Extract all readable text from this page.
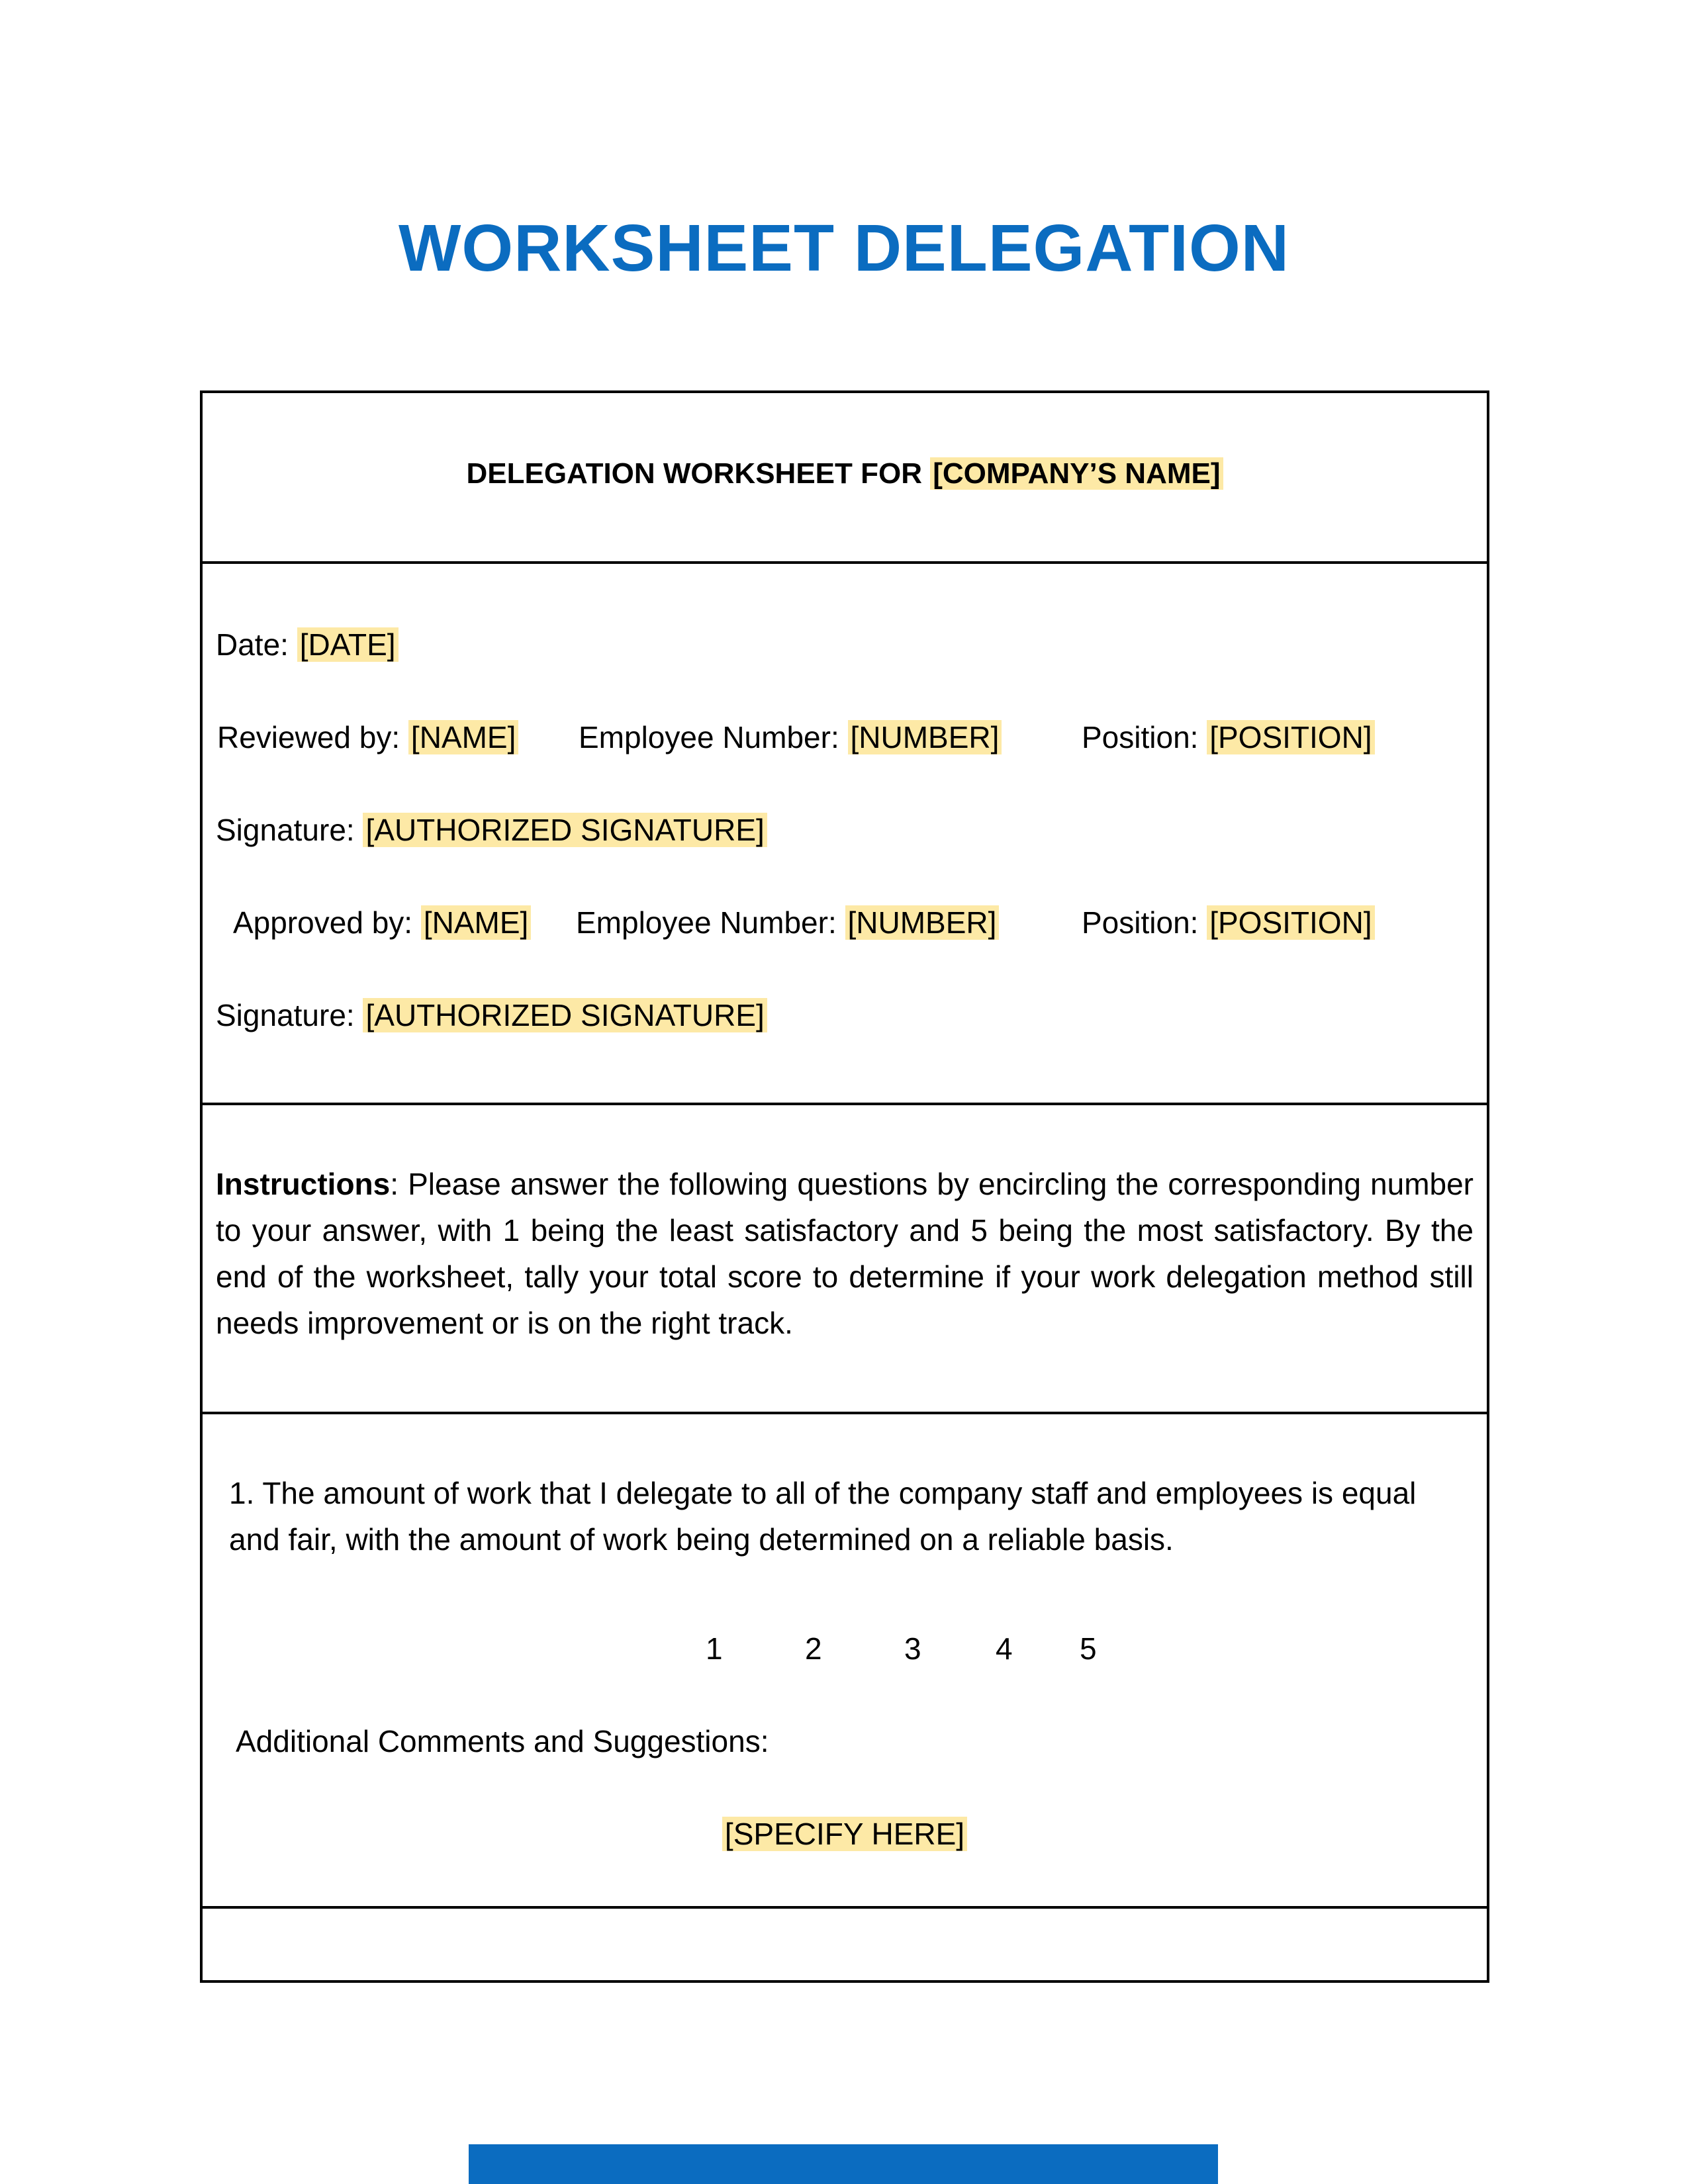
WORKSHEET DELEGATION
DELEGATION WORKSHEET FOR [COMPANY’S NAME]
Date: [DATE]
Reviewed by: [NAME] Employee Number: [NUMBER]	Position: [POSITION]
Signature: [AUTHORIZED SIGNATURE]
Approved by: [NAME] Employee Number: [NUMBER]	Position: [POSITION]
Signature: [AUTHORIZED SIGNATURE]
Instructions: Please answer the following questions by encircling the corresponding number to your answer, with 1 being the least satisfactory and 5 being the most satisfactory. By the end of the worksheet, tally your total score to determine if your work delegation method still needs improvement or is on the right track.
1. The amount of work that I delegate to all of the company staff and employees is equal and fair, with the amount of work being determined on a reliable basis.
1	2	3 4 5
Additional Comments and Suggestions:
[SPECIFY HERE]
